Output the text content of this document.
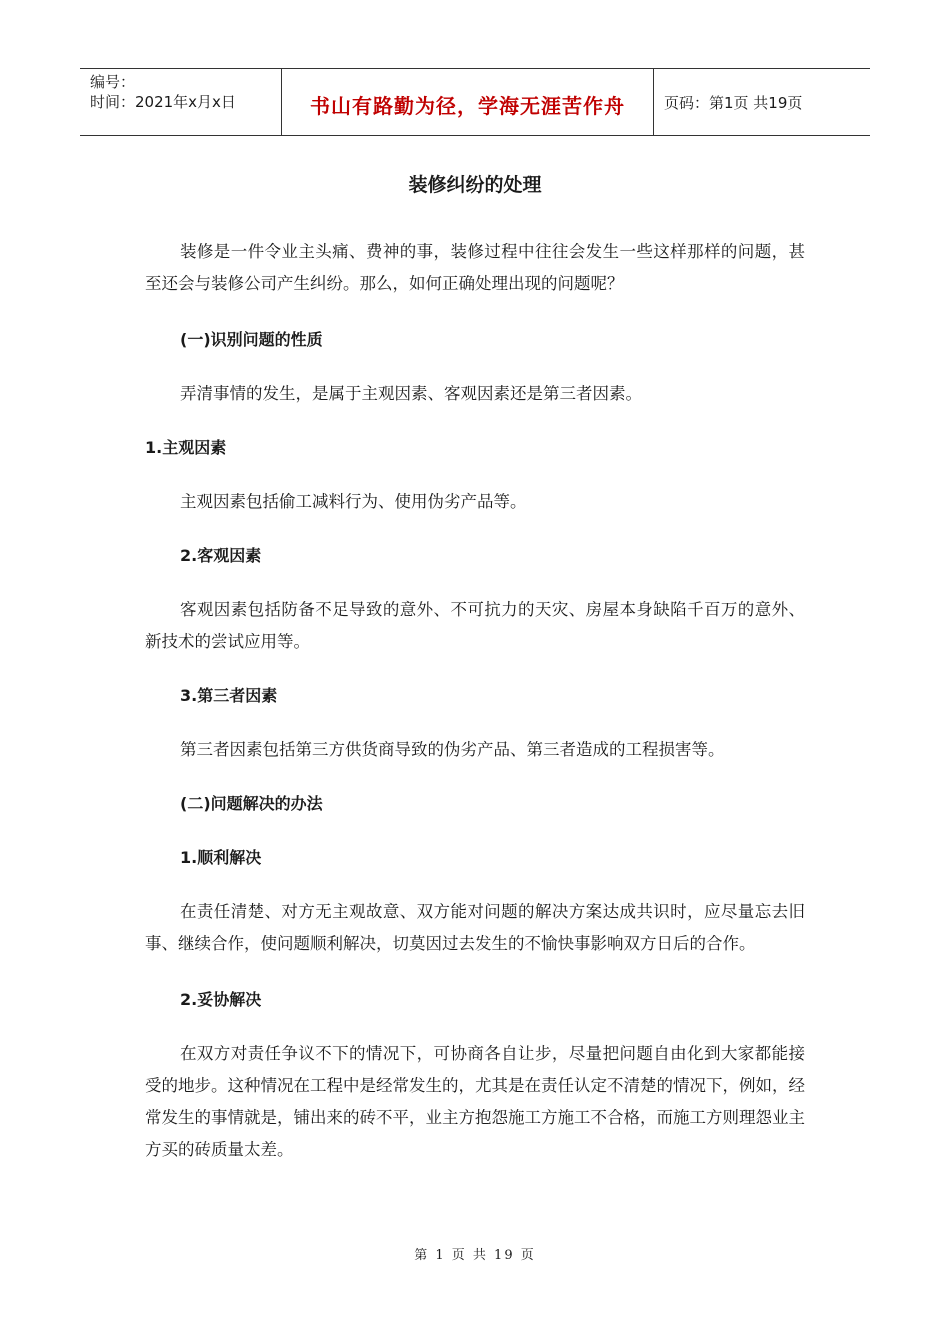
编号：
时间：2021年x月x日	书山有路勤为径，学海无涯苦作舟	页码：第1页 共19页
装修纠纷的处理

装修是一件令业主头痛、费神的事，装修过程中往往会发生一些这样那样的问题，甚至还会与装修公司产生纠纷。那么，如何正确处理出现的问题呢？

(一)识别问题的性质

弄清事情的发生，是属于主观因素、客观因素还是第三者因素。

1.主观因素

主观因素包括偷工减料行为、使用伪劣产品等。

2.客观因素

客观因素包括防备不足导致的意外、不可抗力的天灾、房屋本身缺陷千百万的意外、新技术的尝试应用等。

3.第三者因素

第三者因素包括第三方供货商导致的伪劣产品、第三者造成的工程损害等。

(二)问题解决的办法

1.顺利解决

在责任清楚、对方无主观故意、双方能对问题的解决方案达成共识时，应尽量忘去旧事、继续合作，使问题顺利解决，切莫因过去发生的不愉快事影响双方日后的合作。

2.妥协解决

在双方对责任争议不下的情况下，可协商各自让步，尽量把问题自由化到大家都能接受的地步。这种情况在工程中是经常发生的，尤其是在责任认定不清楚的情况下，例如，经常发生的事情就是，铺出来的砖不平，业主方抱怨施工方施工不合格，而施工方则理怨业主方买的砖质量太差。

第 1 页 共 19 页
